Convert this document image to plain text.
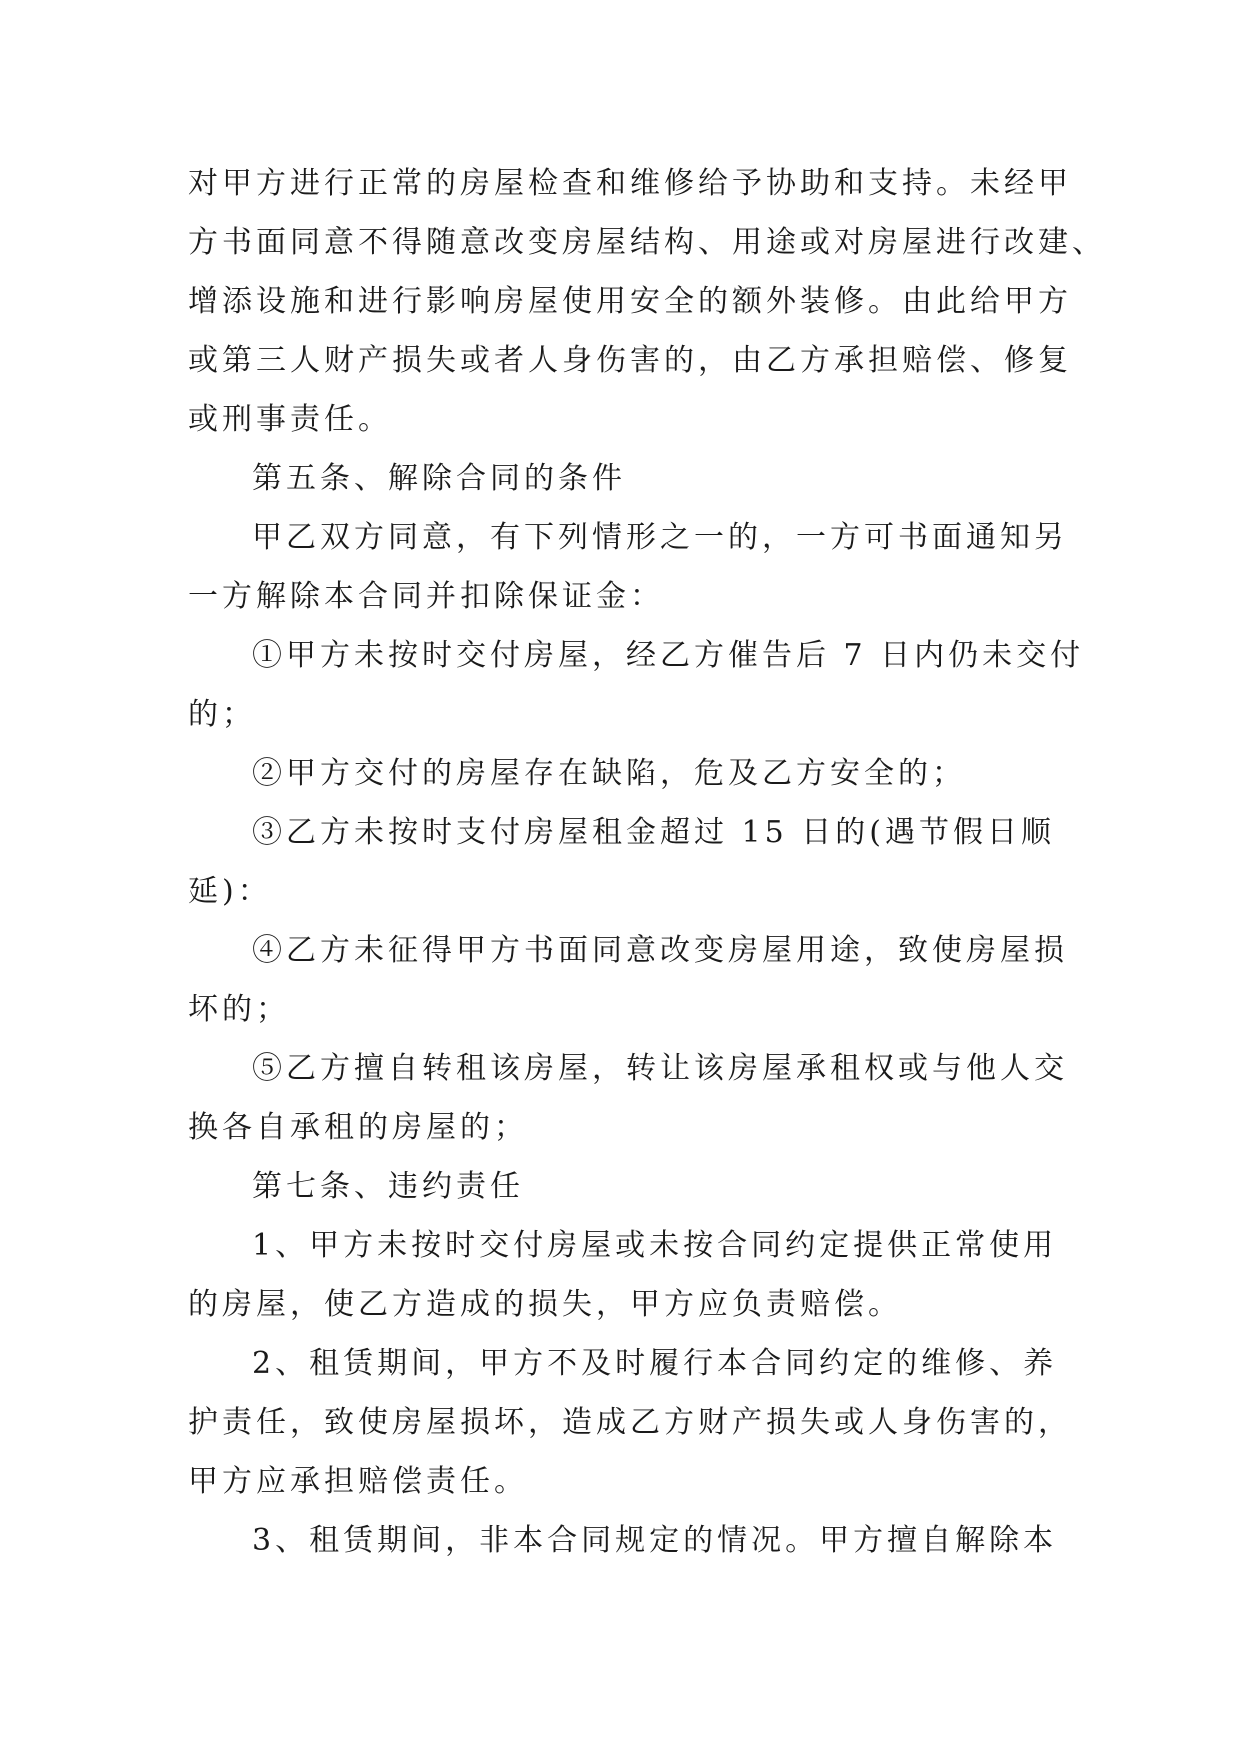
对甲方进行正常的房屋检查和维修给予协助和支持。未经甲

方书面同意不得随意改变房屋结构、用途或对房屋进行改建、

增添设施和进行影响房屋使用安全的额外装修。由此给甲方

或第三人财产损失或者人身伤害的，由乙方承担赔偿、修复

或刑事责任。

第五条、解除合同的条件

甲乙双方同意，有下列情形之一的，一方可书面通知另

一方解除本合同并扣除保证金：

①甲方未按时交付房屋，经乙方催告后 7 日内仍未交付

的；

②甲方交付的房屋存在缺陷，危及乙方安全的；

③乙方未按时支付房屋租金超过 15 日的(遇节假日顺

延)：

④乙方未征得甲方书面同意改变房屋用途，致使房屋损

坏的；

⑤乙方擅自转租该房屋，转让该房屋承租权或与他人交

换各自承租的房屋的；

第七条、违约责任

1、甲方未按时交付房屋或未按合同约定提供正常使用

的房屋，使乙方造成的损失，甲方应负责赔偿。

2、租赁期间，甲方不及时履行本合同约定的维修、养

护责任，致使房屋损坏，造成乙方财产损失或人身伤害的，

甲方应承担赔偿责任。

3、租赁期间，非本合同规定的情况。甲方擅自解除本
